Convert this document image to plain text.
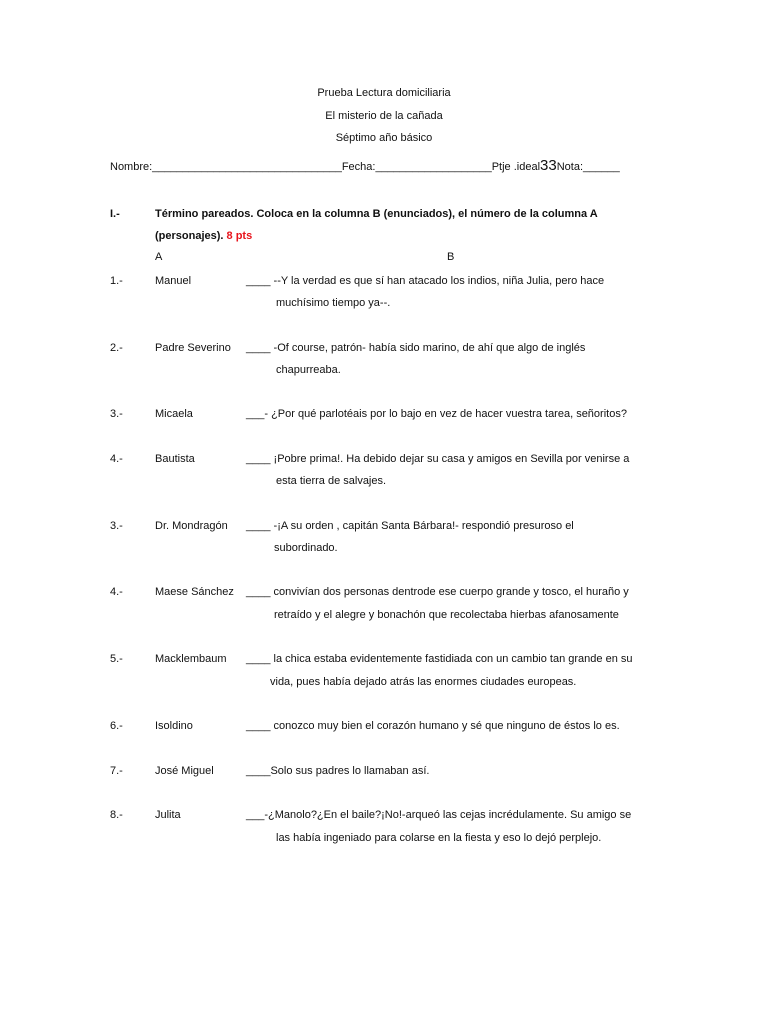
Prueba Lectura domiciliaria
El misterio de la cañada
Séptimo año básico
Nombre:_______________________________Fecha:___________________Ptje .ideal33Nota:______
I.-	Término pareados. Coloca en la columna B (enunciados), el número de la columna A
(personajes). 8 pts
A	B
1.-	Manuel	____ --Y la verdad es que sí han atacado los indios, niña Julia, pero hace
muchísimo tiempo ya--.
2.-	Padre Severino ____ -Of course, patrón- había sido marino, de ahí que algo de inglés
chapurreaba.
3.-	Micaela	___- ¿Por qué parlotéais por lo bajo en vez de hacer vuestra tarea, señoritos?
4.-	Bautista	____ ¡Pobre prima!. Ha debido dejar su casa y amigos en Sevilla por venirse a
esta tierra de salvajes.
3.-	Dr. Mondragón ____ -¡A su orden , capitán Santa Bárbara!- respondió presuroso el
subordinado.
4.-	Maese Sánchez ____ convivían dos personas dentrode ese cuerpo grande y tosco, el huraño y
retraído y el alegre y bonachón que recolectaba hierbas afanosamente
5.-	Macklembaum ____ la chica estaba evidentemente fastidiada con un cambio tan grande en su
vida, pues había dejado atrás las enormes ciudades europeas.
6.-	Isoldino	____ conozco muy bien el corazón humano y sé que ninguno de éstos lo es.
7.-	José Miguel	____Solo sus padres lo llamaban así.
8.-	Julita	___-¿Manolo?¿En el baile?¡No!-arqueó las cejas incrédulamente. Su amigo se
las había ingeniado para colarse en la fiesta y eso lo dejó perplejo.
